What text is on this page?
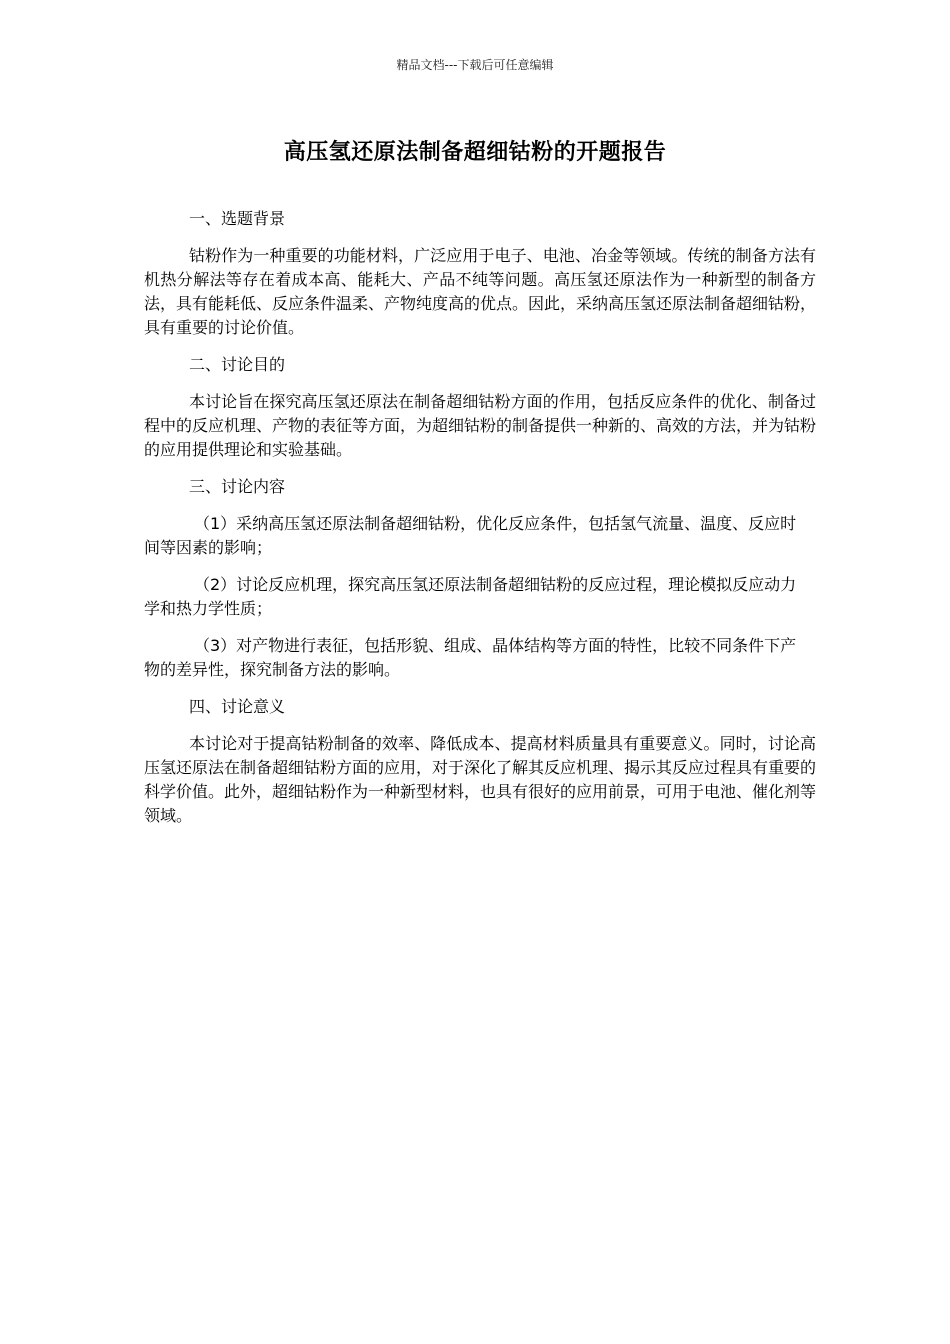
精品文档---下载后可任意编辑
高压氢还原法制备超细钴粉的开题报告
一、选题背景

钴粉作为一种重要的功能材料，广泛应用于电子、电池、冶金等领域。传统的制备方法有机热分解法等存在着成本高、能耗大、产品不纯等问题。高压氢还原法作为一种新型的制备方法，具有能耗低、反应条件温柔、产物纯度高的优点。因此，采纳高压氢还原法制备超细钴粉，具有重要的讨论价值。

二、讨论目的

本讨论旨在探究高压氢还原法在制备超细钴粉方面的作用，包括反应条件的优化、制备过程中的反应机理、产物的表征等方面，为超细钴粉的制备提供一种新的、高效的方法，并为钴粉的应用提供理论和实验基础。

三、讨论内容

（1）采纳高压氢还原法制备超细钴粉，优化反应条件，包括氢气流量、温度、反应时间等因素的影响；

（2）讨论反应机理，探究高压氢还原法制备超细钴粉的反应过程，理论模拟反应动力学和热力学性质；

（3）对产物进行表征，包括形貌、组成、晶体结构等方面的特性，比较不同条件下产物的差异性，探究制备方法的影响。

四、讨论意义

本讨论对于提高钴粉制备的效率、降低成本、提高材料质量具有重要意义。同时，讨论高压氢还原法在制备超细钴粉方面的应用，对于深化了解其反应机理、揭示其反应过程具有重要的科学价值。此外，超细钴粉作为一种新型材料，也具有很好的应用前景，可用于电池、催化剂等领域。
